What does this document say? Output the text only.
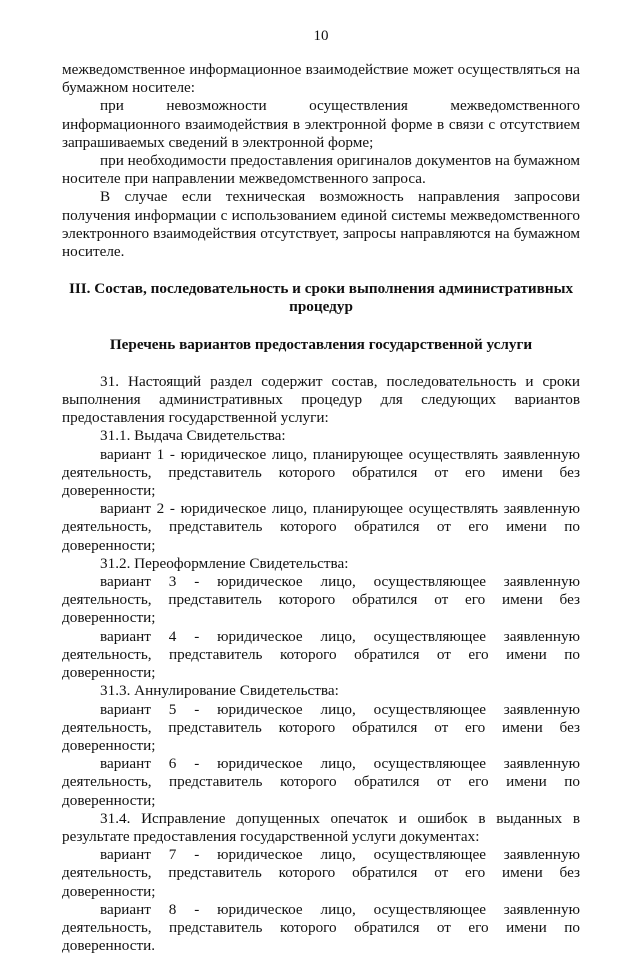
10

межведомственное информационное взаимодействие может осуществляться на бумажном носителе:

при невозможности осуществления межведомственного информационного взаимодействия в электронной форме в связи с отсутствием запрашиваемых сведений в электронной форме;

при необходимости предоставления оригиналов документов на бумажном носителе при направлении межведомственного запроса.

В случае если техническая возможность направления запросови получения информации с использованием единой системы межведомственного электронного взаимодействия отсутствует, запросы направляются на бумажном носителе.

III. Состав, последовательность и сроки выполнения административных процедур

Перечень вариантов предоставления государственной услуги

31. Настоящий раздел содержит состав, последовательность и сроки выполнения административных процедур для следующих вариантов предоставления государственной услуги:

31.1. Выдача Свидетельства:

вариант 1 - юридическое лицо, планирующее осуществлять заявленную деятельность, представитель которого обратился от его имени без доверенности;

вариант 2 - юридическое лицо, планирующее осуществлять заявленную деятельность, представитель которого обратился от его имени по доверенности;

31.2. Переоформление Свидетельства:

вариант 3 - юридическое лицо, осуществляющее заявленную деятельность, представитель которого обратился от его имени без доверенности;

вариант 4 - юридическое лицо, осуществляющее заявленную деятельность, представитель которого обратился от его имени по доверенности;

31.3. Аннулирование Свидетельства:

вариант 5 - юридическое лицо, осуществляющее заявленную деятельность, представитель которого обратился от его имени без доверенности;

вариант 6 - юридическое лицо, осуществляющее заявленную деятельность, представитель которого обратился от его имени по доверенности;

31.4. Исправление допущенных опечаток и ошибок в выданных в результате предоставления государственной услуги документах:

вариант 7 - юридическое лицо, осуществляющее заявленную деятельность, представитель которого обратился от его имени без доверенности;

вариант 8 - юридическое лицо, осуществляющее заявленную деятельность, представитель которого обратился от его имени по доверенности.
